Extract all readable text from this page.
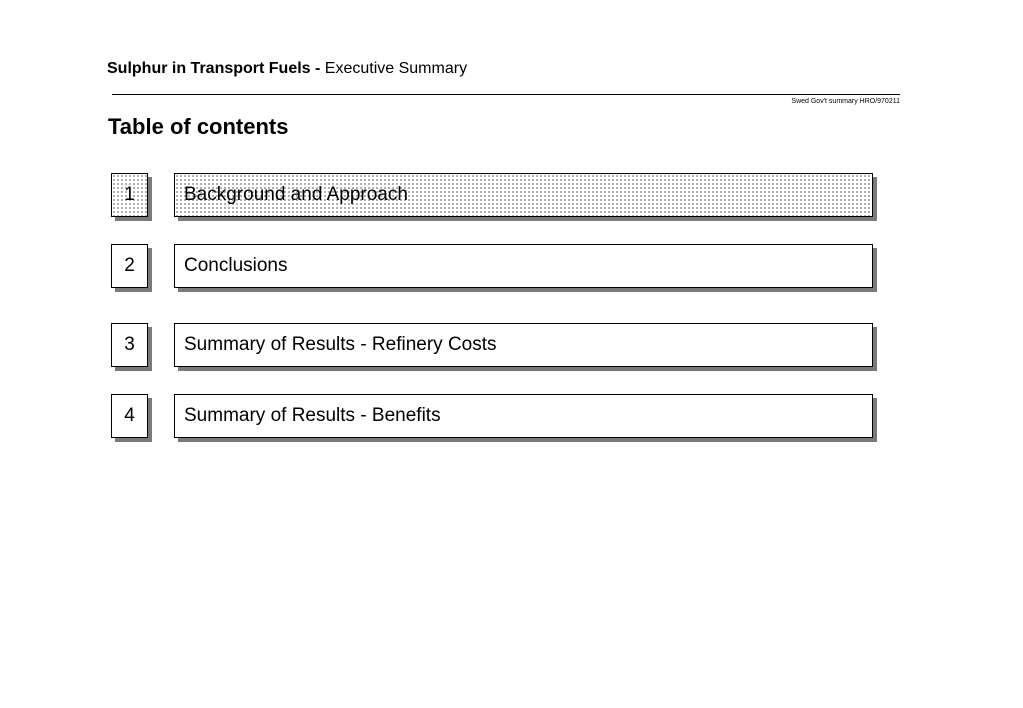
Sulphur in Transport Fuels - Executive Summary
Swed Gov't summary HRO/970211
Table of contents
1	Background and Approach
2	Conclusions
3	Summary of Results - Refinery Costs
4	Summary of Results - Benefits
